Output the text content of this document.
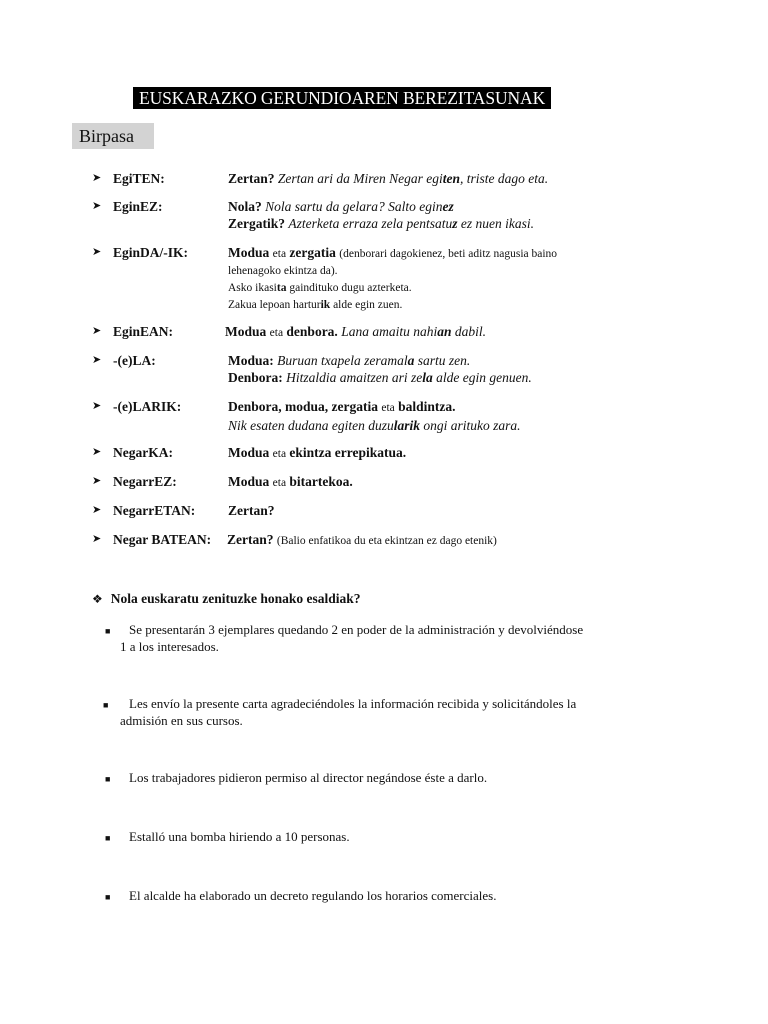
EUSKARAZKO GERUNDIOAREN BEREZITASUNAK
Birpasa
➤ EgiTEN:	Zertan? Zertan ari da Miren Negar egiten, triste dago eta.
➤ EginEZ:	Nola? Nola sartu da gelara? Salto eginez
Zergatik? Azterketa erraza zela pentsatuz ez nuen ikasi.
➤ EginDA/-IK:	Modua eta zergatia (denborari dagokienez, beti aditz nagusia baino
lehenagoko ekintza da).
Asko ikasita gaindituko dugu azterketa.
Zakua lepoan harturik alde egin zuen.
➤ EginEAN:	Modua eta denbora. Lana amaitu nahian dabil.
➤ -(e)LA:	Modua: Buruan txapela zeramala sartu zen.
Denbora: Hitzaldia amaitzen ari zela alde egin genuen.
➤ -(e)LARIK:	Denbora, modua, zergatia eta baldintza.
Nik esaten dudana egiten duzularik ongi arituko zara.
➤ NegarKA:	Modua eta ekintza errepikatua.
➤ NegarrEZ:	Modua eta bitartekoa.
➤ NegarrETAN: Zertan?
➤ Negar BATEAN: Zertan? (Balio enfatikoa du eta ekintzan ez dago etenik)
❖ Nola euskaratu zenituzke honako esaldiak?
■ Se presentarán 3 ejemplares quedando 2 en poder de la administración y devolviéndose
1 a los interesados.
■ Les envío la presente carta agradeciéndoles la información recibida y solicitándoles la
admisión en sus cursos.
■ Los trabajadores pidieron permiso al director negándose éste a darlo.
■ Estalló una bomba hiriendo a 10 personas.
■ El alcalde ha elaborado un decreto regulando los horarios comerciales.
